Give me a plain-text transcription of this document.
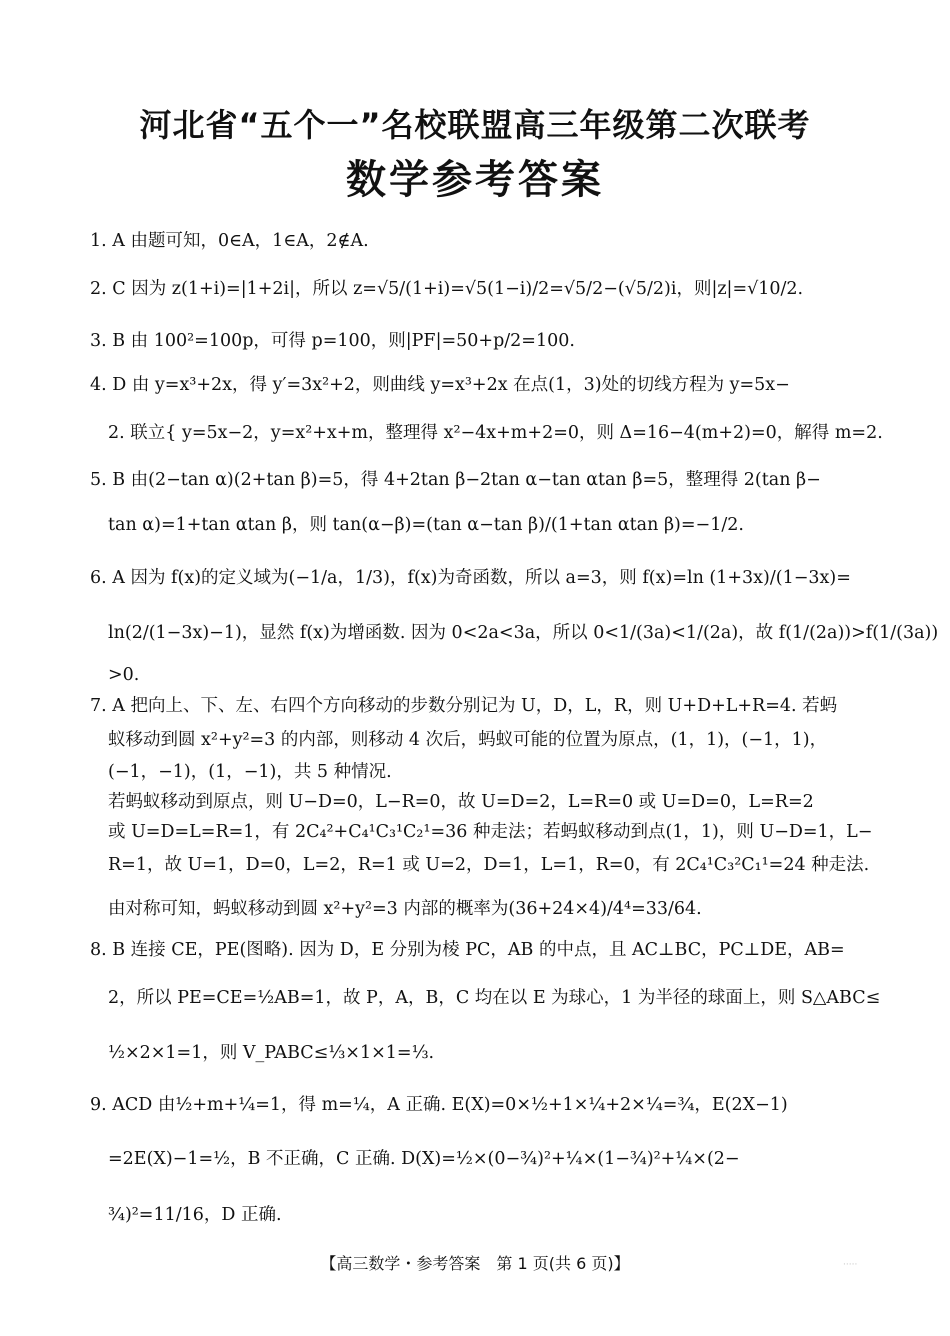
河北省“五个一”名校联盟高三年级第二次联考
数学参考答案
1. A 由题可知，0∈A，1∈A，2∉A.
2. C 因为 z(1+i)=|1+2i|，所以 z=√5/(1+i)=√5(1−i)/2=√5/2−(√5/2)i，则|z|=√10/2.
3. B 由 100²=100p，可得 p=100，则|PF|=50+p/2=100.
4. D 由 y=x³+2x，得 y′=3x²+2，则曲线 y=x³+2x 在点(1，3)处的切线方程为 y=5x−
2. 联立{ y=5x−2，y=x²+x+m，整理得 x²−4x+m+2=0，则 Δ=16−4(m+2)=0，解得 m=2.
5. B 由(2−tan α)(2+tan β)=5，得 4+2tan β−2tan α−tan αtan β=5，整理得 2(tan β−
tan α)=1+tan αtan β，则 tan(α−β)=(tan α−tan β)/(1+tan αtan β)=−1/2.
6. A 因为 f(x)的定义域为(−1/a，1/3)，f(x)为奇函数，所以 a=3，则 f(x)=ln (1+3x)/(1−3x)=
ln(2/(1−3x)−1)，显然 f(x)为增函数. 因为 0<2a<3a，所以 0<1/(3a)<1/(2a)，故 f(1/(2a))>f(1/(3a))
>0.
7. A 把向上、下、左、右四个方向移动的步数分别记为 U，D，L，R，则 U+D+L+R=4. 若蚂
蚁移动到圆 x²+y²=3 的内部，则移动 4 次后，蚂蚁可能的位置为原点，(1，1)，(−1，1)，
(−1，−1)，(1，−1)，共 5 种情况.
若蚂蚁移动到原点，则 U−D=0，L−R=0，故 U=D=2，L=R=0 或 U=D=0，L=R=2
或 U=D=L=R=1，有 2C₄²+C₄¹C₃¹C₂¹=36 种走法；若蚂蚁移动到点(1，1)，则 U−D=1，L−
R=1，故 U=1，D=0，L=2，R=1 或 U=2，D=1，L=1，R=0，有 2C₄¹C₃²C₁¹=24 种走法.
由对称可知，蚂蚁移动到圆 x²+y²=3 内部的概率为(36+24×4)/4⁴=33/64.
8. B 连接 CE，PE(图略). 因为 D，E 分别为棱 PC，AB 的中点，且 AC⊥BC，PC⊥DE，AB=
2，所以 PE=CE=½AB=1，故 P，A，B，C 均在以 E 为球心，1 为半径的球面上，则 S△ABC≤
½×2×1=1，则 V_PABC≤⅓×1×1=⅓.
9. ACD 由½+m+¼=1，得 m=¼，A 正确. E(X)=0×½+1×¼+2×¼=¾，E(2X−1)
=2E(X)−1=½，B 不正确，C 正确. D(X)=½×(0−¾)²+¼×(1−¾)²+¼×(2−
¾)²=11/16，D 正确.
【高三数学・参考答案　第 1 页(共 6 页)】	·····
